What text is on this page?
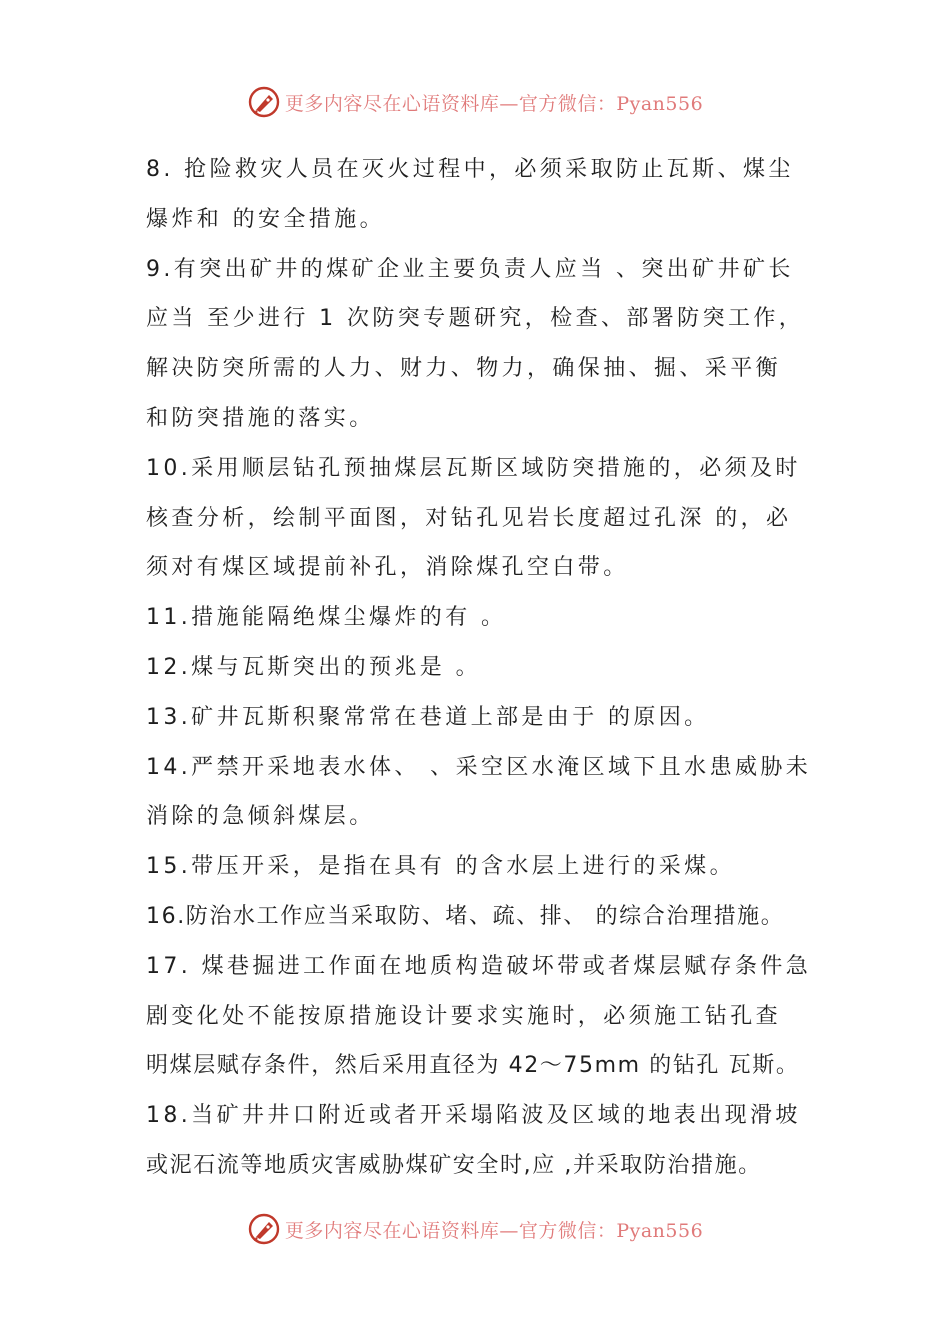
更多内容尽在心语资料库—官方微信：Pyan556
8. 抢险救灾人员在灭火过程中，必须采取防止瓦斯、煤尘
爆炸和 的安全措施。
9.有突出矿井的煤矿企业主要负责人应当 、突出矿井矿长
应当 至少进行 1 次防突专题研究，检查、部署防突工作，
解决防突所需的人力、财力、物力，确保抽、掘、采平衡
和防突措施的落实。
10.采用顺层钻孔预抽煤层瓦斯区域防突措施的，必须及时
核查分析，绘制平面图，对钻孔见岩长度超过孔深 的，必
须对有煤区域提前补孔，消除煤孔空白带。
11.措施能隔绝煤尘爆炸的有 。
12.煤与瓦斯突出的预兆是 。
13.矿井瓦斯积聚常常在巷道上部是由于 的原因。
14.严禁开采地表水体、 、采空区水淹区域下且水患威胁未
消除的急倾斜煤层。
15.带压开采，是指在具有 的含水层上进行的采煤。
16.防治水工作应当采取防、堵、疏、排、 的综合治理措施。
17. 煤巷掘进工作面在地质构造破坏带或者煤层赋存条件急
剧变化处不能按原措施设计要求实施时，必须施工钻孔查
明煤层赋存条件，然后采用直径为 42～75mm 的钻孔 瓦斯。
18.当矿井井口附近或者开采塌陷波及区域的地表出现滑坡
或泥石流等地质灾害威胁煤矿安全时,应 ,并采取防治措施。
更多内容尽在心语资料库—官方微信：Pyan556
